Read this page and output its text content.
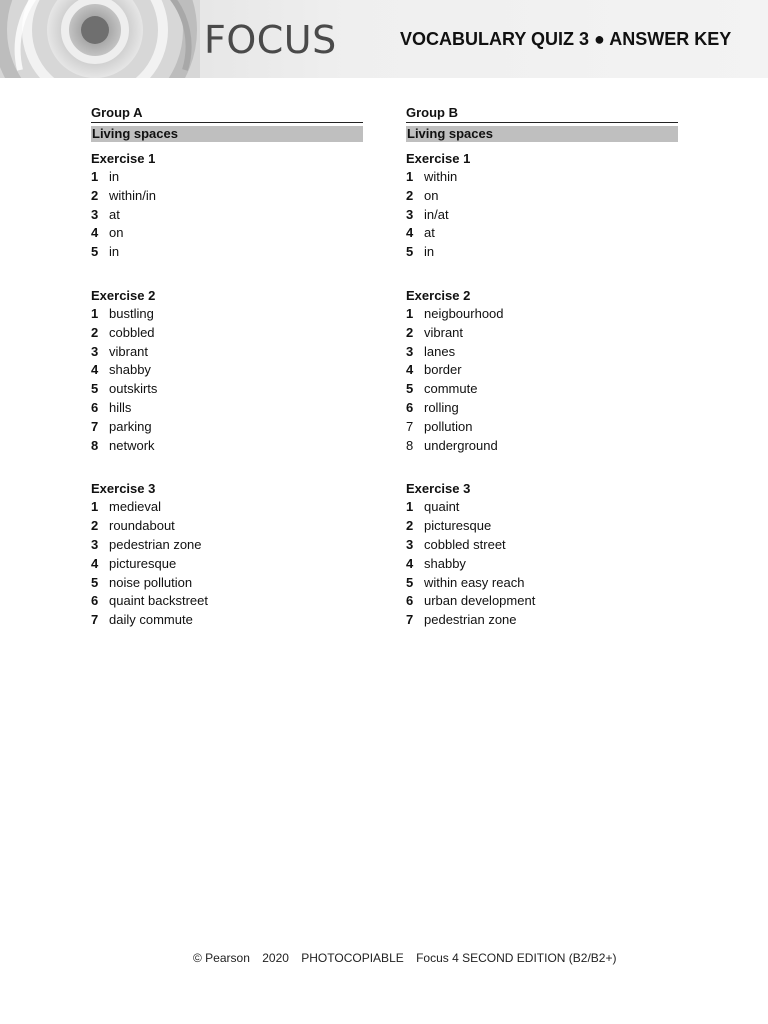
FOCUS	VOCABULARY QUIZ 3 ● ANSWER KEY
Group A
Living spaces
Exercise 1
1 in
2 within/in
3 at
4 on
5 in
Exercise 2
1 bustling
2 cobbled
3 vibrant
4 shabby
5 outskirts
6 hills
7 parking
8 network
Exercise 3
1 medieval
2 roundabout
3 pedestrian zone
4 picturesque
5 noise pollution
6 quaint backstreet
7 daily commute
Group B
Living spaces
Exercise 1
1 within
2 on
3 in/at
4 at
5 in
Exercise 2
1 neigbourhood
2 vibrant
3 lanes
4 border
5 commute
6 rolling
7 pollution
8 underground
Exercise 3
1 quaint
2 picturesque
3 cobbled street
4 shabby
5 within easy reach
6 urban development
7 pedestrian zone
© Pearson 2020 PHOTOCOPIABLE Focus 4 SECOND EDITION (B2/B2+)
